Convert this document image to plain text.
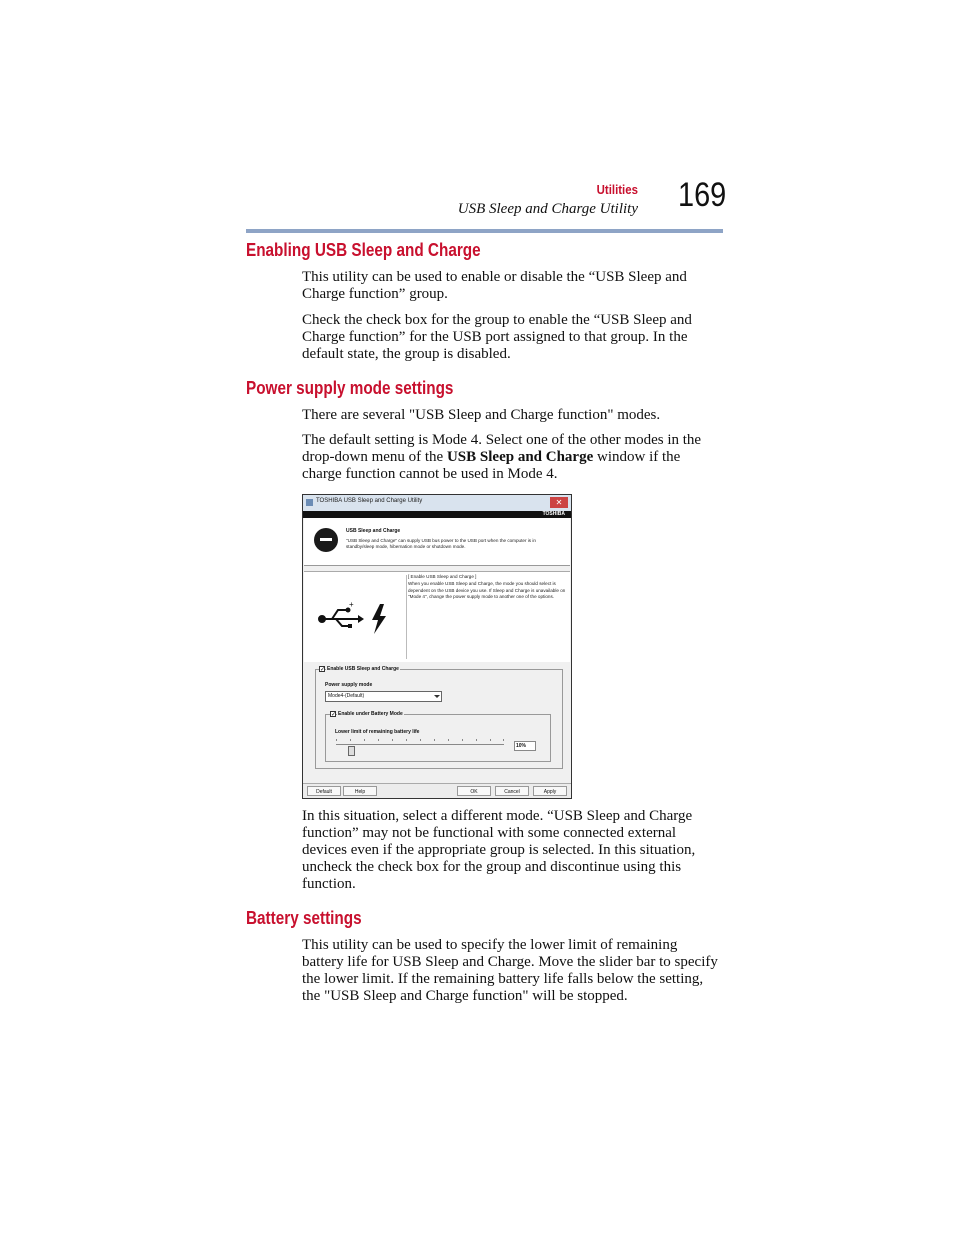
Utilities
USB Sleep and Charge Utility 169
Enabling USB Sleep and Charge

This utility can be used to enable or disable the “USB Sleep and Charge function” group.

Check the check box for the group to enable the “USB Sleep and Charge function” for the USB port assigned to that group. In the default state, the group is disabled.

Power supply mode settings

There are several "USB Sleep and Charge function" modes.

The default setting is Mode 4. Select one of the other modes in the drop-down menu of the USB Sleep and Charge window if the charge function cannot be used in Mode 4.

TOSHIBA USB Sleep and Charge Utility	✕
TOSHIBA
USB Sleep and Charge
"USB Sleep and Charge" can supply USB bus power to the USB port when the computer is in standby/sleep mode, hibernation mode or shutdown mode.
+
[ Enable USB Sleep and Charge ]
When you enable USB Sleep and Charge, the mode you should select is dependent on the USB device you use. If Sleep and Charge is unavailable on "Mode 4", change the power supply mode to another one of the options.
✓ Enable USB Sleep and Charge
Power supply mode
Mode4-(Default)
✓ Enable under Battery Mode
Lower limit of remaining battery life
10%
Default	Help	OK	Cancel	Apply

In this situation, select a different mode. “USB Sleep and Charge function” may not be functional with some connected external devices even if the appropriate group is selected. In this situation, uncheck the check box for the group and discontinue using this function.

Battery settings

This utility can be used to specify the lower limit of remaining battery life for USB Sleep and Charge. Move the slider bar to specify the lower limit. If the remaining battery life falls below the setting, the "USB Sleep and Charge function" will be stopped.
